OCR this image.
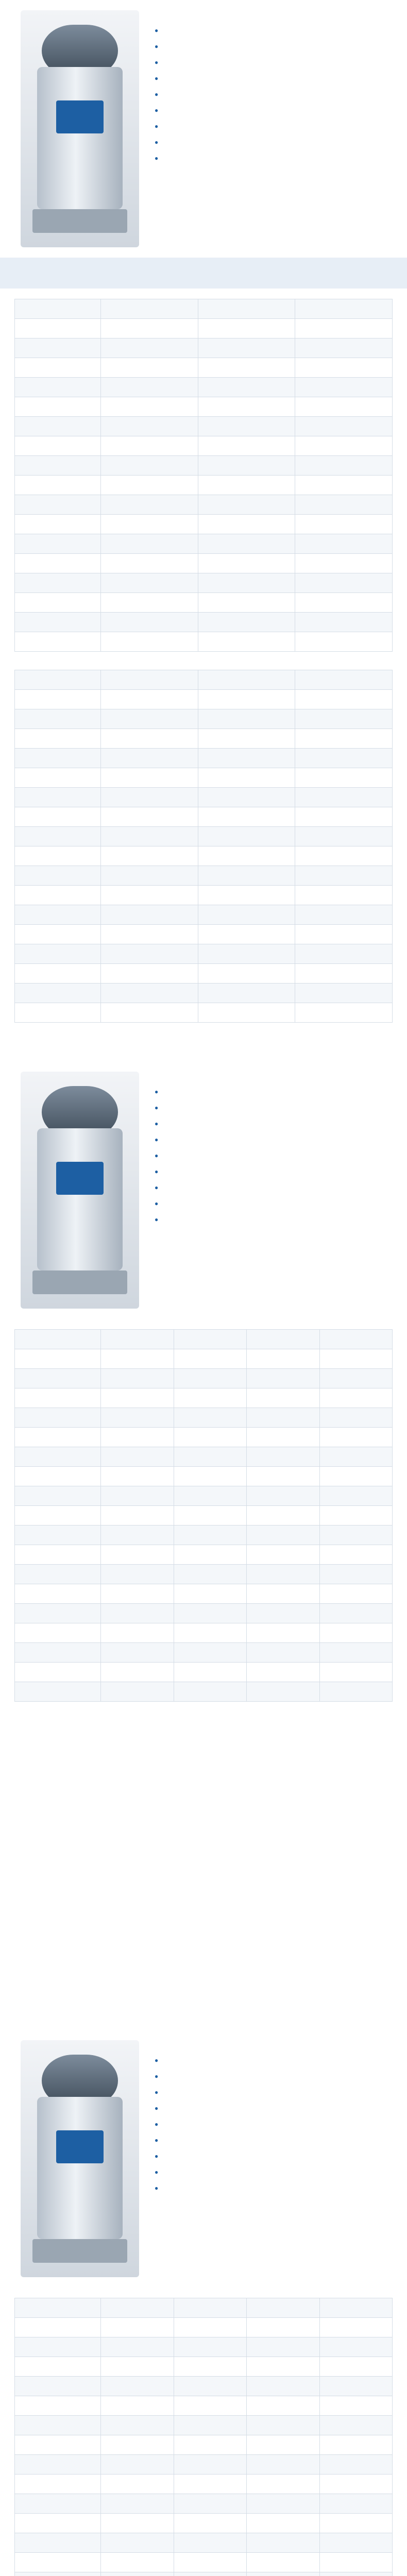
●
●
●
●
●
●
●
●
●

●
●
●
●
●
●
●
●
●

●
●
●
●
●
●
●
●
●
